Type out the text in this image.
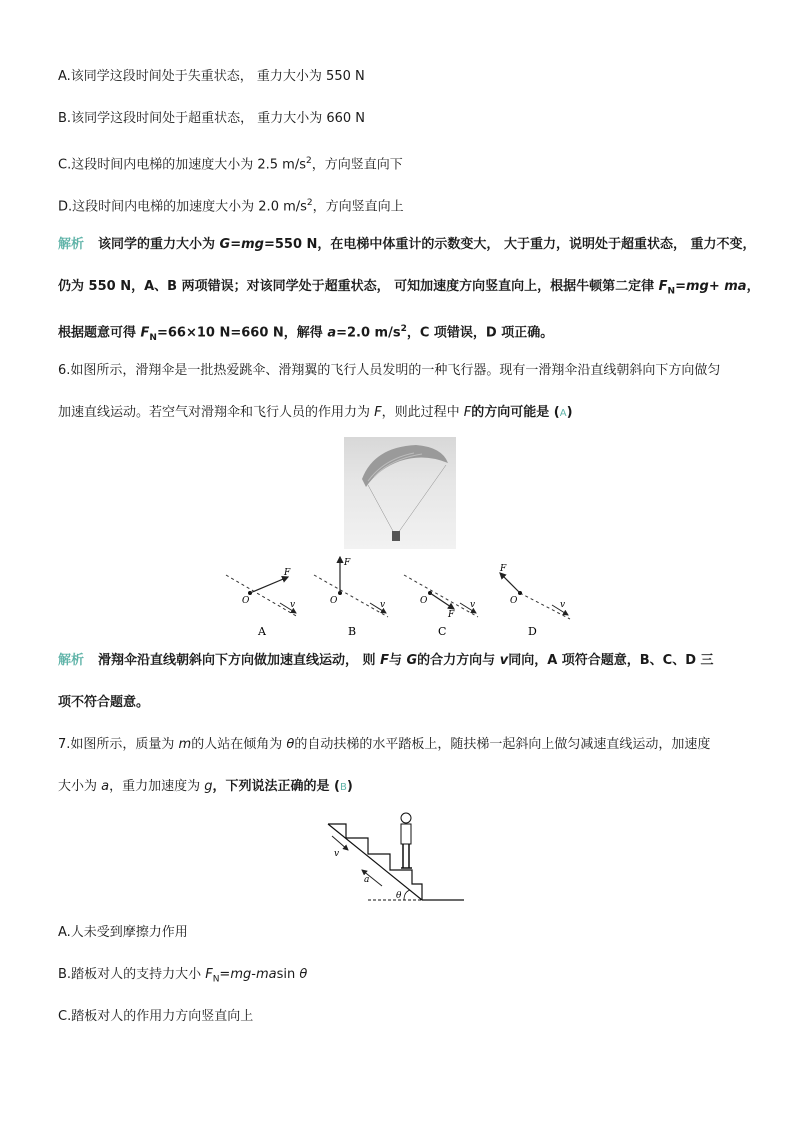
A.该同学这段时间处于失重状态， 重力大小为 550 N
B.该同学这段时间处于超重状态， 重力大小为 660 N
C.这段时间内电梯的加速度大小为 2.5 $m/s^2$，方向竖直向下
D.这段时间内电梯的加速度大小为 2.0 $m/s^2$，方向竖直向上
解析 该同学的重力大小为 G=mg=550 N，在电梯中体重计的示数变大， 大于重力，说明处于超重状态， 重力不变，
仍为 550 N，A、B 两项错误；对该同学处于超重状态， 可知加速度方向竖直向上，根据牛顿第二定律 $F_N=mg+$ ma，
根据题意可得 $F_N=66\times 10$ N=660 N，解得 a=2.0 $m/s^2$，C 项错误，D 项正确。
6.如图所示，滑翔伞是一批热爱跳伞、滑翔翼的飞行人员发明的一种飞行器。现有一滑翔伞沿直线朝斜向下方向做匀
加速直线运动。若空气对滑翔伞和飞行人员的作用力为 F，则此过程中 F的方向可能是 (A)
O
F
v
A
O
F
v
B
O
F
v
C
O
F
v
D
解析 滑翔伞沿直线朝斜向下方向做加速直线运动， 则 F与 G的合力方向与 v同向，A 项符合题意，B、C、D 三
项不符合题意。
7.如图所示，质量为 m的人站在倾角为 θ的自动扶梯的水平踏板上，随扶梯一起斜向上做匀减速直线运动，加速度
大小为 a，重力加速度为 g，下列说法正确的是 (B)
θ
v
a
A.人未受到摩擦力作用
B.踏板对人的支持力大小 $F_N=mg$-masin θ
C.踏板对人的作用力方向竖直向上
